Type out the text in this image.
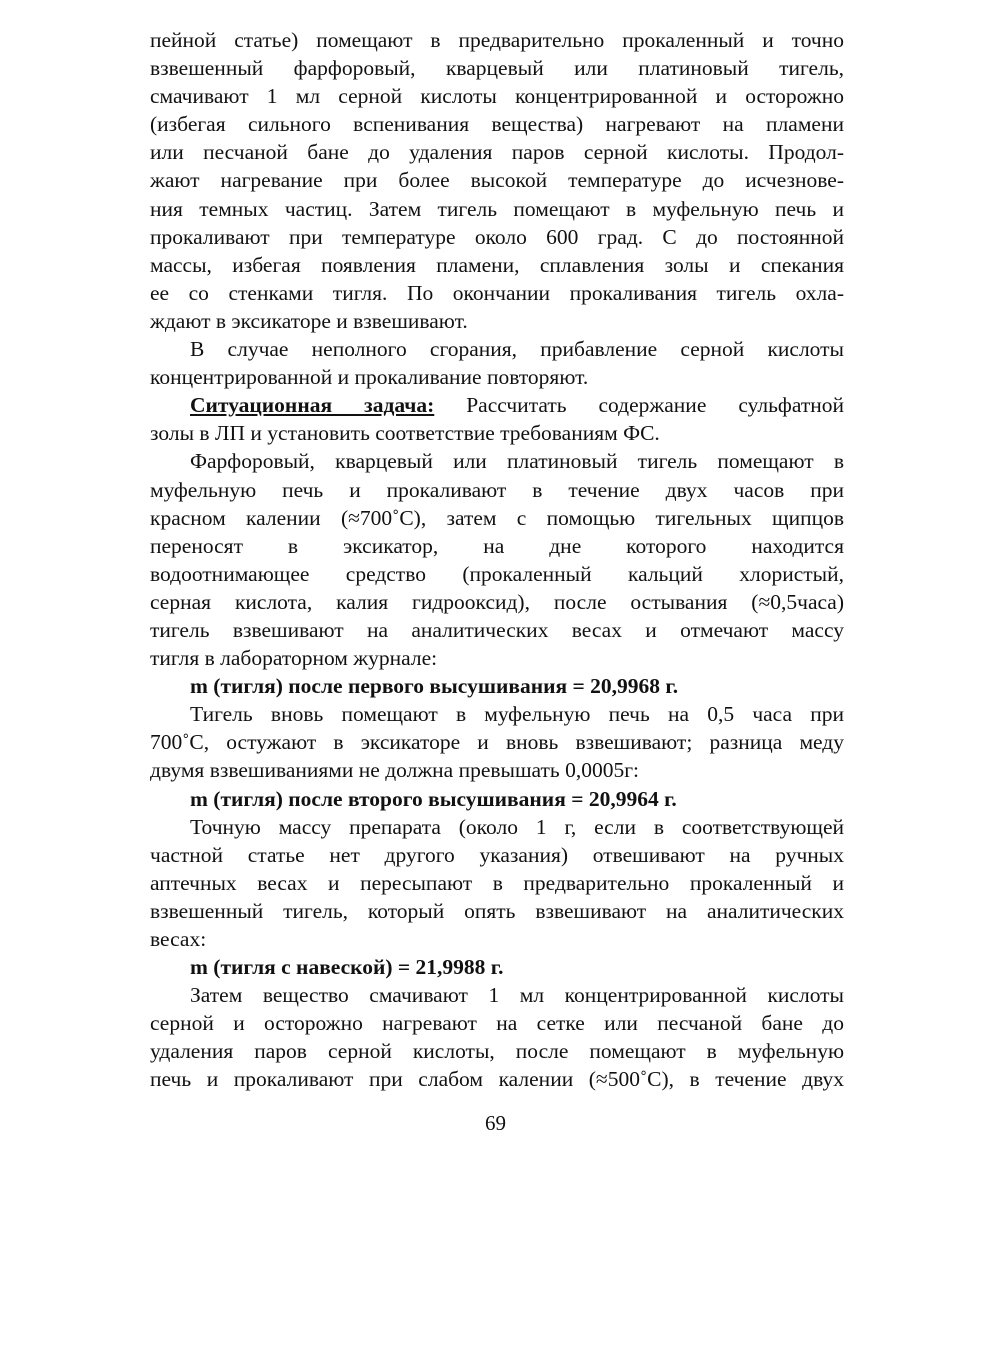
пейной статье) помещают в предварительно прокаленный и точно
взвешенный фарфоровый, кварцевый или платиновый тигель,
смачивают 1 мл серной кислоты концентрированной и осторожно
(избегая сильного вспенивания вещества) нагревают на пламени
или песчаной бане до удаления паров серной кислоты. Продол-
жают нагревание при более высокой температуре до исчезнове-
ния темных частиц. Затем тигель помещают в муфельную печь и
прокаливают при температуре около 600 град. С до постоянной
массы, избегая появления пламени, сплавления золы и спекания
ее со стенками тигля. По окончании прокаливания тигель охла-
ждают в эксикаторе и взвешивают.
В случае неполного сгорания, прибавление серной кислоты
концентрированной и прокаливание повторяют.
Ситуационная задача: Рассчитать содержание сульфатной
золы в ЛП и установить соответствие требованиям ФС.
Фарфоровый, кварцевый или платиновый тигель помещают в
муфельную печь и прокаливают в течение двух часов при
красном калении (≈700˚С), затем с помощью тигельных щипцов
переносят в эксикатор, на дне которого находится
водоотнимающее средство (прокаленный кальций хлористый,
серная кислота, калия гидрооксид), после остывания (≈0,5часа)
тигель взвешивают на аналитических весах и отмечают массу
тигля в лабораторном журнале:
m (тигля) после первого высушивания = 20,9968 г.
Тигель вновь помещают в муфельную печь на 0,5 часа при
700˚С, остужают в эксикаторе и вновь взвешивают; разница меду
двумя взвешиваниями не должна превышать 0,0005г:
m (тигля) после второго высушивания = 20,9964 г.
Точную массу препарата (около 1 г, если в соответствующей
частной статье нет другого указания) отвешивают на ручных
аптечных весах и пересыпают в предварительно прокаленный и
взвешенный тигель, который опять взвешивают на аналитических
весах:
m (тигля с навеской) = 21,9988 г.
Затем вещество смачивают 1 мл концентрированной кислоты
серной и осторожно нагревают на сетке или песчаной бане до
удаления паров серной кислоты, после помещают в муфельную
печь и прокаливают при слабом калении (≈500˚С), в течение двух
69
